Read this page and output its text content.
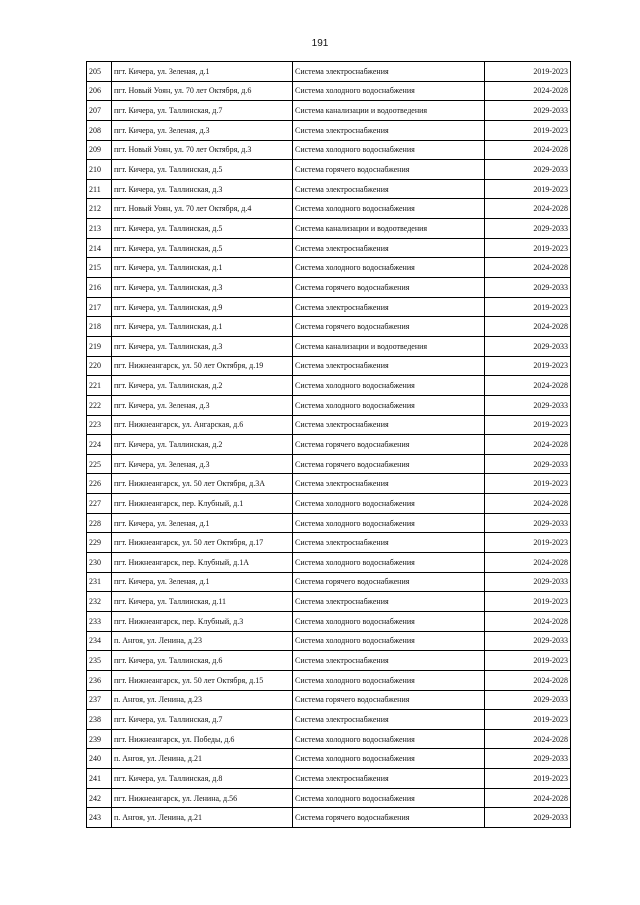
191
205	пгт. Кичера, ул. Зеленая, д.1	Система электроснабжения	2019-2023
206	пгт. Новый Уоян, ул. 70 лет Октября, д.6	Система холодного водоснабжения	2024-2028
207	пгт. Кичера, ул. Таллинская, д.7	Система канализации и водоотведения	2029-2033
208	пгт. Кичера, ул. Зеленая, д.3	Система электроснабжения	2019-2023
209	пгт. Новый Уоян, ул. 70 лет Октября, д.3	Система холодного водоснабжения	2024-2028
210	пгт. Кичера, ул. Таллинская, д.5	Система горячего водоснабжения	2029-2033
211	пгт. Кичера, ул. Таллинская, д.3	Система электроснабжения	2019-2023
212	пгт. Новый Уоян, ул. 70 лет Октября, д.4	Система холодного водоснабжения	2024-2028
213	пгт. Кичера, ул. Таллинская, д.5	Система канализации и водоотведения	2029-2033
214	пгт. Кичера, ул. Таллинская, д.5	Система электроснабжения	2019-2023
215	пгт. Кичера, ул. Таллинская, д.1	Система холодного водоснабжения	2024-2028
216	пгт. Кичера, ул. Таллинская, д.3	Система горячего водоснабжения	2029-2033
217	пгт. Кичера, ул. Таллинская, д.9	Система электроснабжения	2019-2023
218	пгт. Кичера, ул. Таллинская, д.1	Система горячего водоснабжения	2024-2028
219	пгт. Кичера, ул. Таллинская, д.3	Система канализации и водоотведения	2029-2033
220	пгт. Нижнеангарск, ул. 50 лет Октября, д.19	Система электроснабжения	2019-2023
221	пгт. Кичера, ул. Таллинская, д.2	Система холодного водоснабжения	2024-2028
222	пгт. Кичера, ул. Зеленая, д.3	Система холодного водоснабжения	2029-2033
223	пгт. Нижнеангарск, ул. Ангарская, д.6	Система электроснабжения	2019-2023
224	пгт. Кичера, ул. Таллинская, д.2	Система горячего водоснабжения	2024-2028
225	пгт. Кичера, ул. Зеленая, д.3	Система горячего водоснабжения	2029-2033
226	пгт. Нижнеангарск, ул. 50 лет Октября, д.3А	Система электроснабжения	2019-2023
227	пгт. Нижнеангарск, пер. Клубный, д.1	Система холодного водоснабжения	2024-2028
228	пгт. Кичера, ул. Зеленая, д.1	Система холодного водоснабжения	2029-2033
229	пгт. Нижнеангарск, ул. 50 лет Октября, д.17	Система электроснабжения	2019-2023
230	пгт. Нижнеангарск, пер. Клубный, д.1А	Система холодного водоснабжения	2024-2028
231	пгт. Кичера, ул. Зеленая, д.1	Система горячего водоснабжения	2029-2033
232	пгт. Кичера, ул. Таллинская, д.11	Система электроснабжения	2019-2023
233	пгт. Нижнеангарск, пер. Клубный, д.3	Система холодного водоснабжения	2024-2028
234	п. Ангоя, ул. Ленина, д.23	Система холодного водоснабжения	2029-2033
235	пгт. Кичера, ул. Таллинская, д.6	Система электроснабжения	2019-2023
236	пгт. Нижнеангарск, ул. 50 лет Октября, д.15	Система холодного водоснабжения	2024-2028
237	п. Ангоя, ул. Ленина, д.23	Система горячего водоснабжения	2029-2033
238	пгт. Кичера, ул. Таллинская, д.7	Система электроснабжения	2019-2023
239	пгт. Нижнеангарск, ул. Победы, д.6	Система холодного водоснабжения	2024-2028
240	п. Ангоя, ул. Ленина, д.21	Система холодного водоснабжения	2029-2033
241	пгт. Кичера, ул. Таллинская, д.8	Система электроснабжения	2019-2023
242	пгт. Нижнеангарск, ул. Ленина, д.56	Система холодного водоснабжения	2024-2028
243	п. Ангоя, ул. Ленина, д.21	Система горячего водоснабжения	2029-2033
